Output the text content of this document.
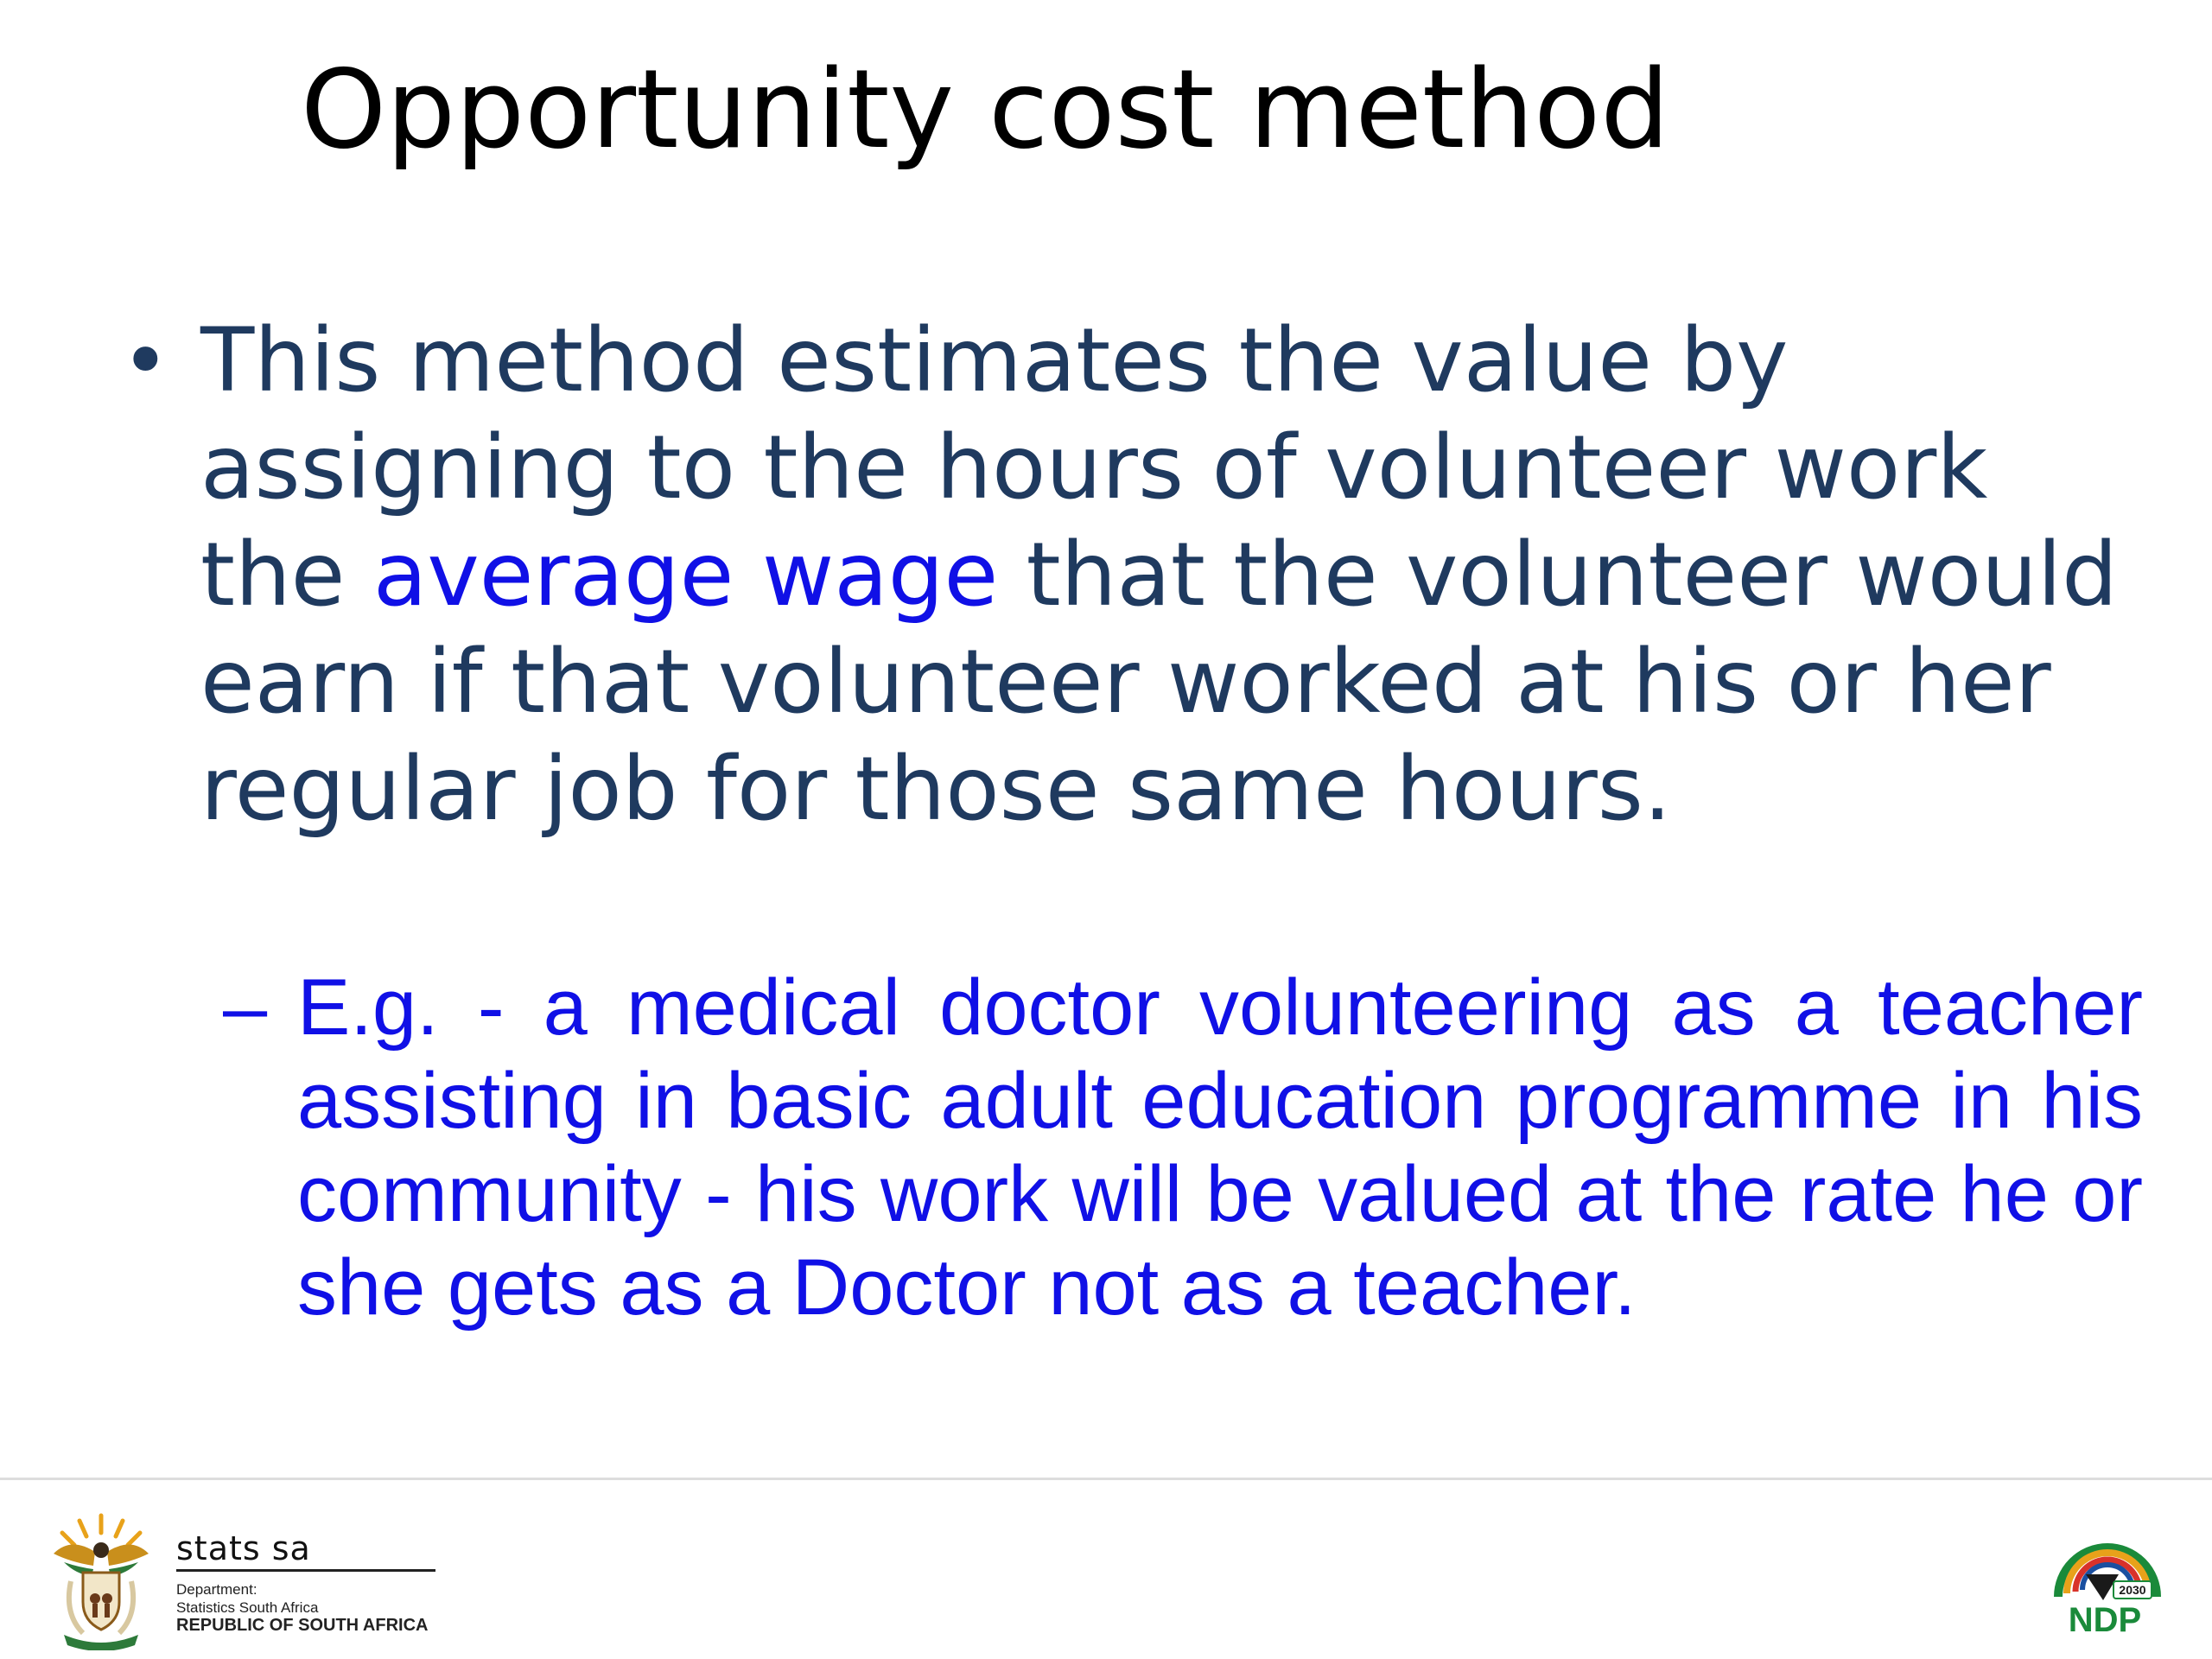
Opportunity cost method
• This method estimates the value by assigning to the hours of volunteer work the average wage that the volunteer would earn if that volunteer worked at his or her regular job for those same hours.

– E.g. - a medical doctor volunteering as a teacher assisting in basic adult education programme in his community - his work will be valued at the rate he or she gets as a Doctor not as a teacher.

stats sa
Department:
Statistics South Africa
REPUBLIC OF SOUTH AFRICA
2030
NDP
